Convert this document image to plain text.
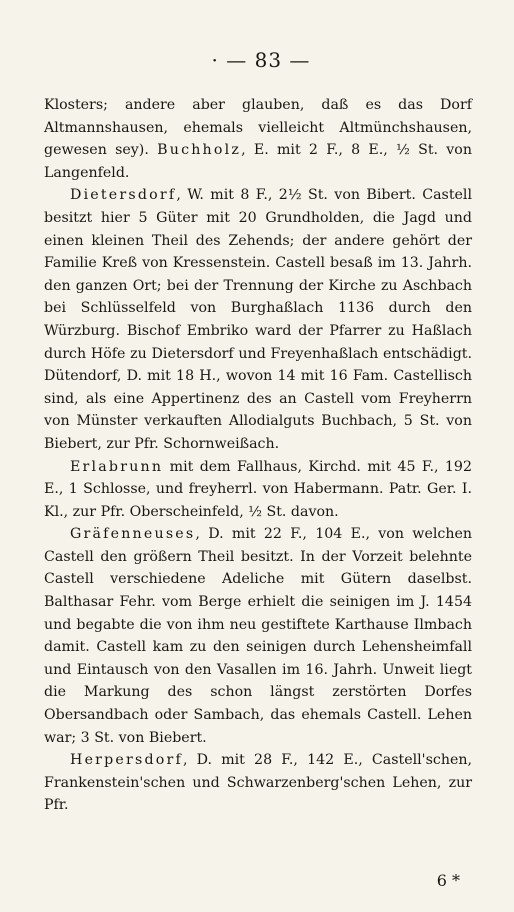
· — 83 —

Klosters; andere aber glauben, daß es das Dorf Altmannshausen, ehemals vielleicht Altmünchshausen, gewesen sey). Buchholz, E. mit 2 F., 8 E., ½ St. von Langenfeld.

Dietersdorf, W. mit 8 F., 2½ St. von Bibert. Castell besitzt hier 5 Güter mit 20 Grundholden, die Jagd und einen kleinen Theil des Zehends; der andere gehört der Familie Kreß von Kressenstein. Castell besaß im 13. Jahrh. den ganzen Ort; bei der Trennung der Kirche zu Aschbach bei Schlüsselfeld von Burghaßlach 1136 durch den Würzburg. Bischof Embriko ward der Pfarrer zu Haßlach durch Höfe zu Dietersdorf und Freyenhaßlach entschädigt. Dütendorf, D. mit 18 H., wovon 14 mit 16 Fam. Castellisch sind, als eine Appertinenz des an Castell vom Freyherrn von Münster verkauften Allodialguts Buchbach, 5 St. von Biebert, zur Pfr. Schornweißach.

Erlabrunn mit dem Fallhaus, Kirchd. mit 45 F., 192 E., 1 Schlosse, und freyherrl. von Habermann. Patr. Ger. I. Kl., zur Pfr. Oberscheinfeld, ½ St. davon.

Gräfenneuses, D. mit 22 F., 104 E., von welchen Castell den größern Theil besitzt. In der Vorzeit belehnte Castell verschiedene Adeliche mit Gütern daselbst. Balthasar Fehr. vom Berge erhielt die seinigen im J. 1454 und begabte die von ihm neu gestiftete Karthause Ilmbach damit. Castell kam zu den seinigen durch Lehensheimfall und Eintausch von den Vasallen im 16. Jahrh. Unweit liegt die Markung des schon längst zerstörten Dorfes Obersandbach oder Sambach, das ehemals Castell. Lehen war; 3 St. von Biebert.

Herpersdorf, D. mit 28 F., 142 E., Castell'schen, Frankenstein'schen und Schwarzenberg'schen Lehen, zur Pfr.

6 *
